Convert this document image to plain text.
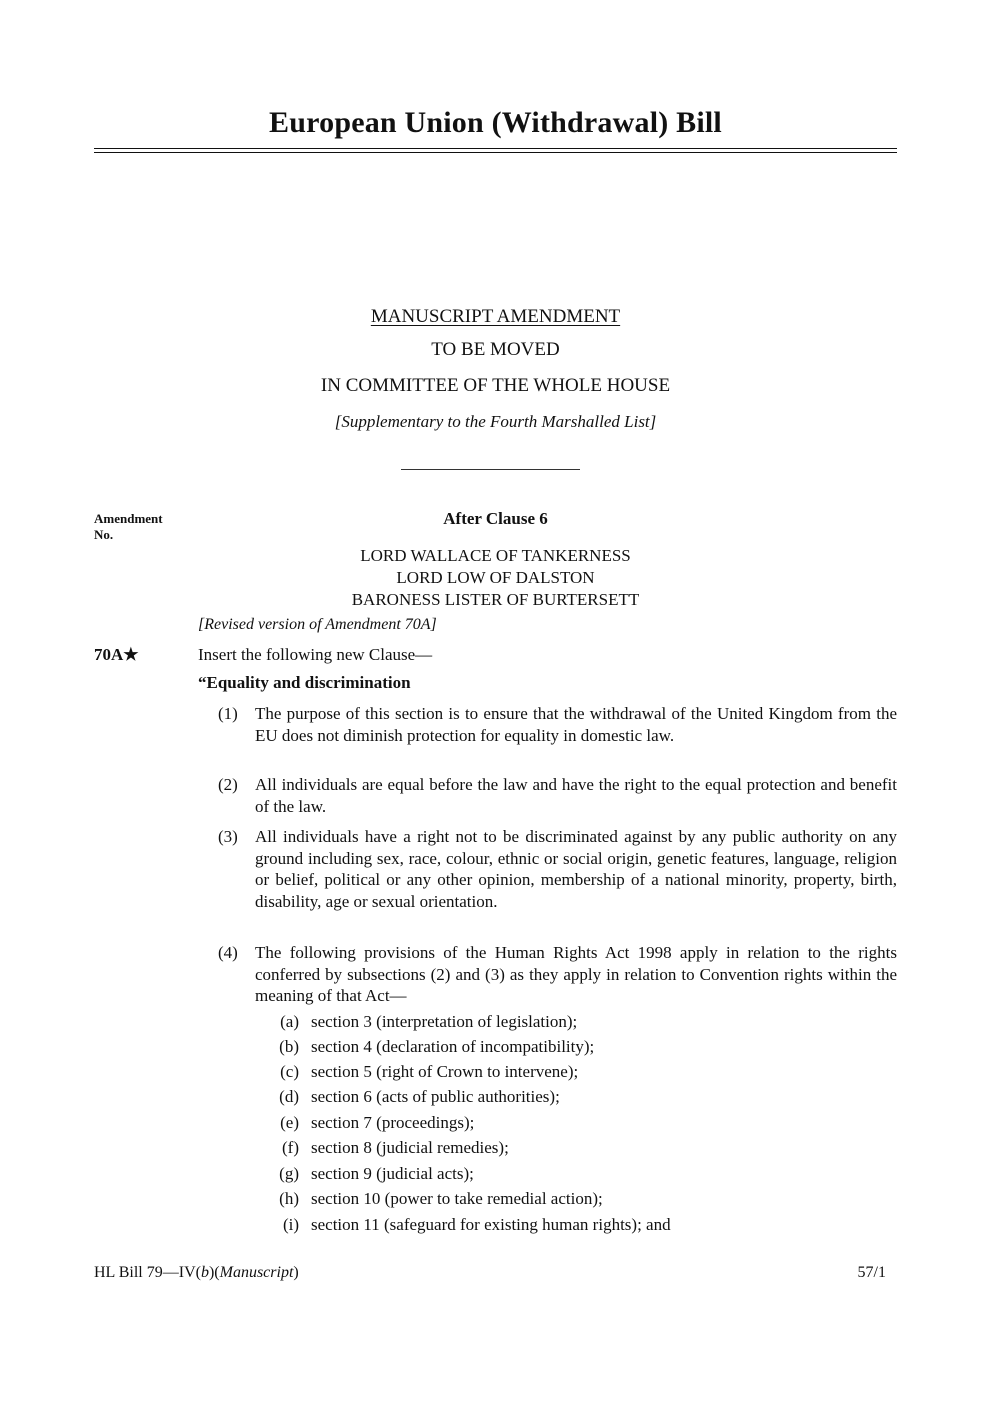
European Union (Withdrawal) Bill
MANUSCRIPT AMENDMENT
TO BE MOVED
IN COMMITTEE OF THE WHOLE HOUSE
[Supplementary to the Fourth Marshalled List]
Amendment
No.
After Clause 6
LORD WALLACE OF TANKERNESS
LORD LOW OF DALSTON
BARONESS LISTER OF BURTERSETT
[Revised version of Amendment 70A]
70A★	Insert the following new Clause—
“Equality and discrimination
(1) The purpose of this section is to ensure that the withdrawal of the United Kingdom from the EU does not diminish protection for equality in domestic law.
(2) All individuals are equal before the law and have the right to the equal protection and benefit of the law.
(3) All individuals have a right not to be discriminated against by any public authority on any ground including sex, race, colour, ethnic or social origin, genetic features, language, religion or belief, political or any other opinion, membership of a national minority, property, birth, disability, age or sexual orientation.
(4) The following provisions of the Human Rights Act 1998 apply in relation to the rights conferred by subsections (2) and (3) as they apply in relation to Convention rights within the meaning of that Act—
(a) section 3 (interpretation of legislation);
(b) section 4 (declaration of incompatibility);
(c) section 5 (right of Crown to intervene);
(d) section 6 (acts of public authorities);
(e) section 7 (proceedings);
(f) section 8 (judicial remedies);
(g) section 9 (judicial acts);
(h) section 10 (power to take remedial action);
(i) section 11 (safeguard for existing human rights); and
HL Bill 79—IV(b)(Manuscript)	57/1
